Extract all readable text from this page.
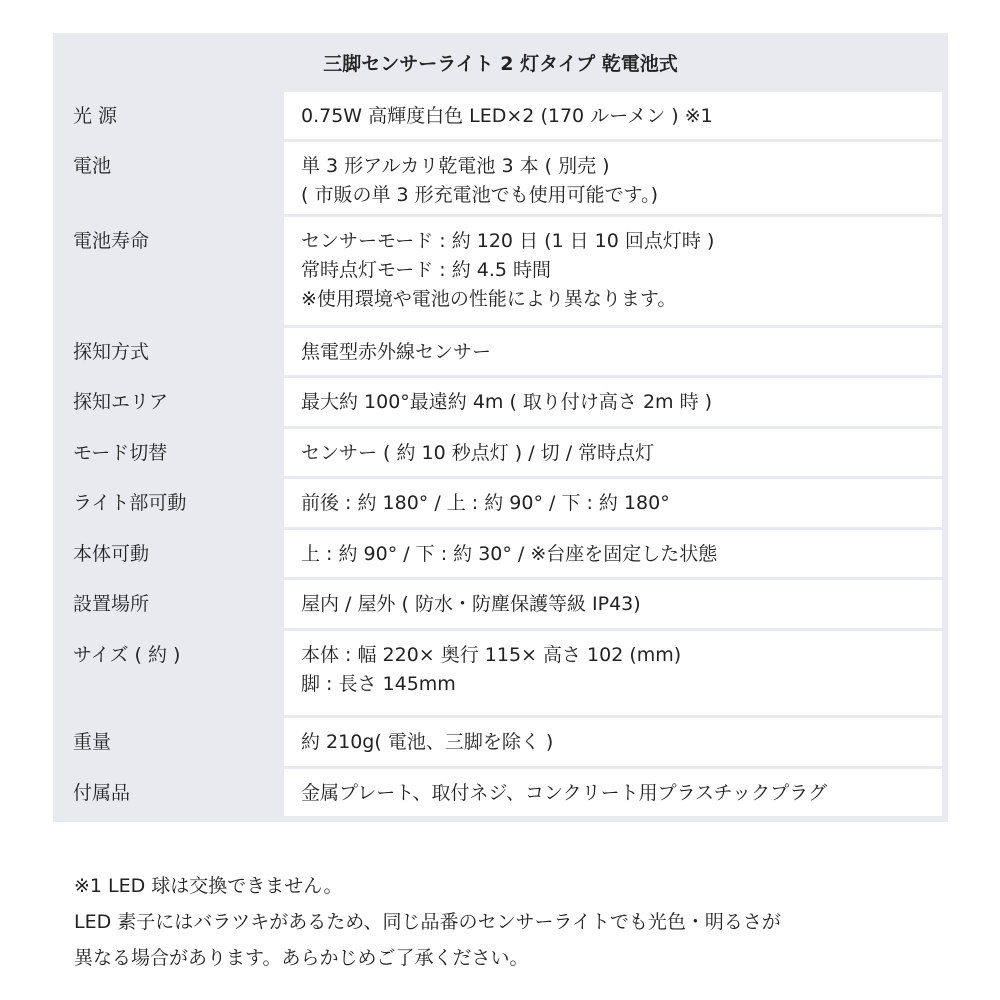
三脚センサーライト 2 灯タイプ 乾電池式
光 源	0.75W 高輝度白色 LED×2 (170 ルーメン ) ※1
電池	単 3 形アルカリ乾電池 3 本 ( 別売 )
( 市販の単 3 形充電池でも使用可能です。)
電池寿命	センサーモード : 約 120 日 (1 日 10 回点灯時 )
常時点灯モード : 約 4.5 時間
※使用環境や電池の性能により異なります。
探知方式	焦電型赤外線センサー
探知エリア	最大約 100°最遠約 4m ( 取り付け高さ 2m 時 )
モード切替	センサー ( 約 10 秒点灯 ) / 切 / 常時点灯
ライト部可動	前後 : 約 180° / 上 : 約 90° / 下 : 約 180°
本体可動	上 : 約 90° / 下 : 約 30° / ※台座を固定した状態
設置場所	屋内 / 屋外 ( 防水・防塵保護等級 IP43)
サイズ ( 約 )	本体 : 幅 220× 奥行 115× 高さ 102 (mm)
脚 : 長さ 145mm
重量	約 210g( 電池、三脚を除く )
付属品	金属プレート、取付ネジ、コンクリート用プラスチックプラグ
※1 LED 球は交換できません。
LED 素子にはバラツキがあるため、同じ品番のセンサーライトでも光色・明るさが
異なる場合があります。あらかじめご了承ください。
